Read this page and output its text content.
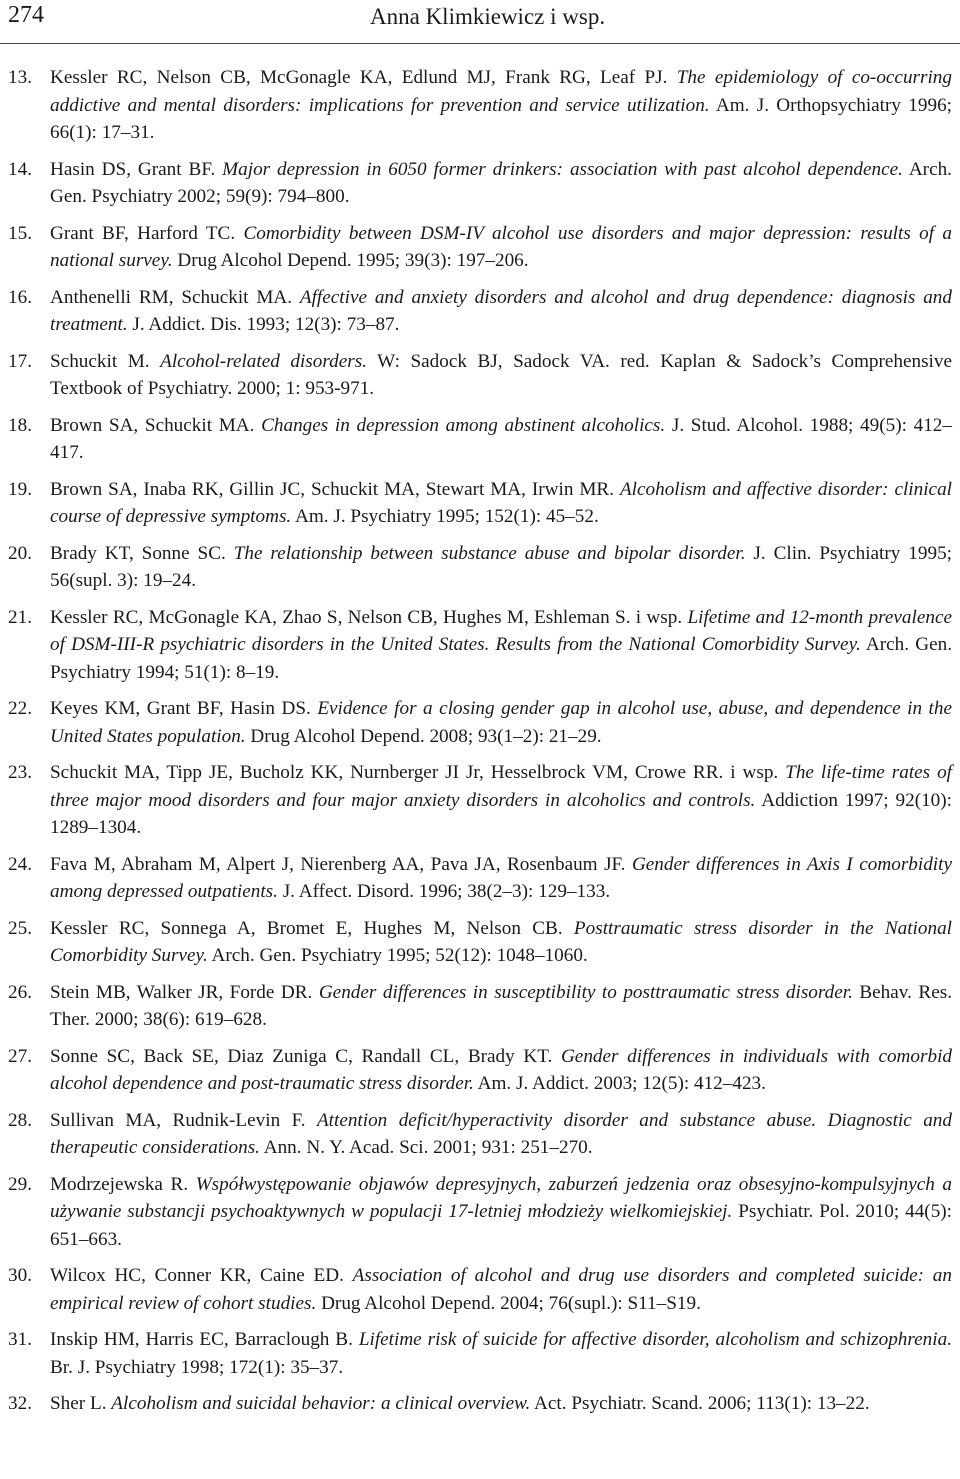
274	Anna Klimkiewicz i wsp.
13. Kessler RC, Nelson CB, McGonagle KA, Edlund MJ, Frank RG, Leaf PJ. The epidemiology of co-occurring addictive and mental disorders: implications for prevention and service utilization. Am. J. Orthopsychiatry 1996; 66(1): 17–31.
14. Hasin DS, Grant BF. Major depression in 6050 former drinkers: association with past alcohol dependence. Arch. Gen. Psychiatry 2002; 59(9): 794–800.
15. Grant BF, Harford TC. Comorbidity between DSM-IV alcohol use disorders and major depression: results of a national survey. Drug Alcohol Depend. 1995; 39(3): 197–206.
16. Anthenelli RM, Schuckit MA. Affective and anxiety disorders and alcohol and drug dependence: diagnosis and treatment. J. Addict. Dis. 1993; 12(3): 73–87.
17. Schuckit M. Alcohol-related disorders. W: Sadock BJ, Sadock VA. red. Kaplan & Sadock’s Comprehensive Textbook of Psychiatry. 2000; 1: 953-971.
18. Brown SA, Schuckit MA. Changes in depression among abstinent alcoholics. J. Stud. Alcohol. 1988; 49(5): 412–417.
19. Brown SA, Inaba RK, Gillin JC, Schuckit MA, Stewart MA, Irwin MR. Alcoholism and affective disorder: clinical course of depressive symptoms. Am. J. Psychiatry 1995; 152(1): 45–52.
20. Brady KT, Sonne SC. The relationship between substance abuse and bipolar disorder. J. Clin. Psychiatry 1995; 56(supl. 3): 19–24.
21. Kessler RC, McGonagle KA, Zhao S, Nelson CB, Hughes M, Eshleman S. i wsp. Lifetime and 12-month prevalence of DSM-III-R psychiatric disorders in the United States. Results from the National Comorbidity Survey. Arch. Gen. Psychiatry 1994; 51(1): 8–19.
22. Keyes KM, Grant BF, Hasin DS. Evidence for a closing gender gap in alcohol use, abuse, and dependence in the United States population. Drug Alcohol Depend. 2008; 93(1–2): 21–29.
23. Schuckit MA, Tipp JE, Bucholz KK, Nurnberger JI Jr, Hesselbrock VM, Crowe RR. i wsp. The life-time rates of three major mood disorders and four major anxiety disorders in alcoholics and controls. Addiction 1997; 92(10): 1289–1304.
24. Fava M, Abraham M, Alpert J, Nierenberg AA, Pava JA, Rosenbaum JF. Gender differences in Axis I comorbidity among depressed outpatients. J. Affect. Disord. 1996; 38(2–3): 129–133.
25. Kessler RC, Sonnega A, Bromet E, Hughes M, Nelson CB. Posttraumatic stress disorder in the National Comorbidity Survey. Arch. Gen. Psychiatry 1995; 52(12): 1048–1060.
26. Stein MB, Walker JR, Forde DR. Gender differences in susceptibility to posttraumatic stress disorder. Behav. Res. Ther. 2000; 38(6): 619–628.
27. Sonne SC, Back SE, Diaz Zuniga C, Randall CL, Brady KT. Gender differences in individuals with comorbid alcohol dependence and post-traumatic stress disorder. Am. J. Addict. 2003; 12(5): 412–423.
28. Sullivan MA, Rudnik-Levin F. Attention deficit/hyperactivity disorder and substance abuse. Diagnostic and therapeutic considerations. Ann. N. Y. Acad. Sci. 2001; 931: 251–270.
29. Modrzejewska R. Współwystępowanie objawów depresyjnych, zaburzeń jedzenia oraz obsesyjno-kompulsyjnych a używanie substancji psychoaktywnych w populacji 17-letniej młodzieży wielkomiejskiej. Psychiatr. Pol. 2010; 44(5): 651–663.
30. Wilcox HC, Conner KR, Caine ED. Association of alcohol and drug use disorders and completed suicide: an empirical review of cohort studies. Drug Alcohol Depend. 2004; 76(supl.): S11–S19.
31. Inskip HM, Harris EC, Barraclough B. Lifetime risk of suicide for affective disorder, alcoholism and schizophrenia. Br. J. Psychiatry 1998; 172(1): 35–37.
32. Sher L. Alcoholism and suicidal behavior: a clinical overview. Act. Psychiatr. Scand. 2006; 113(1): 13–22.
